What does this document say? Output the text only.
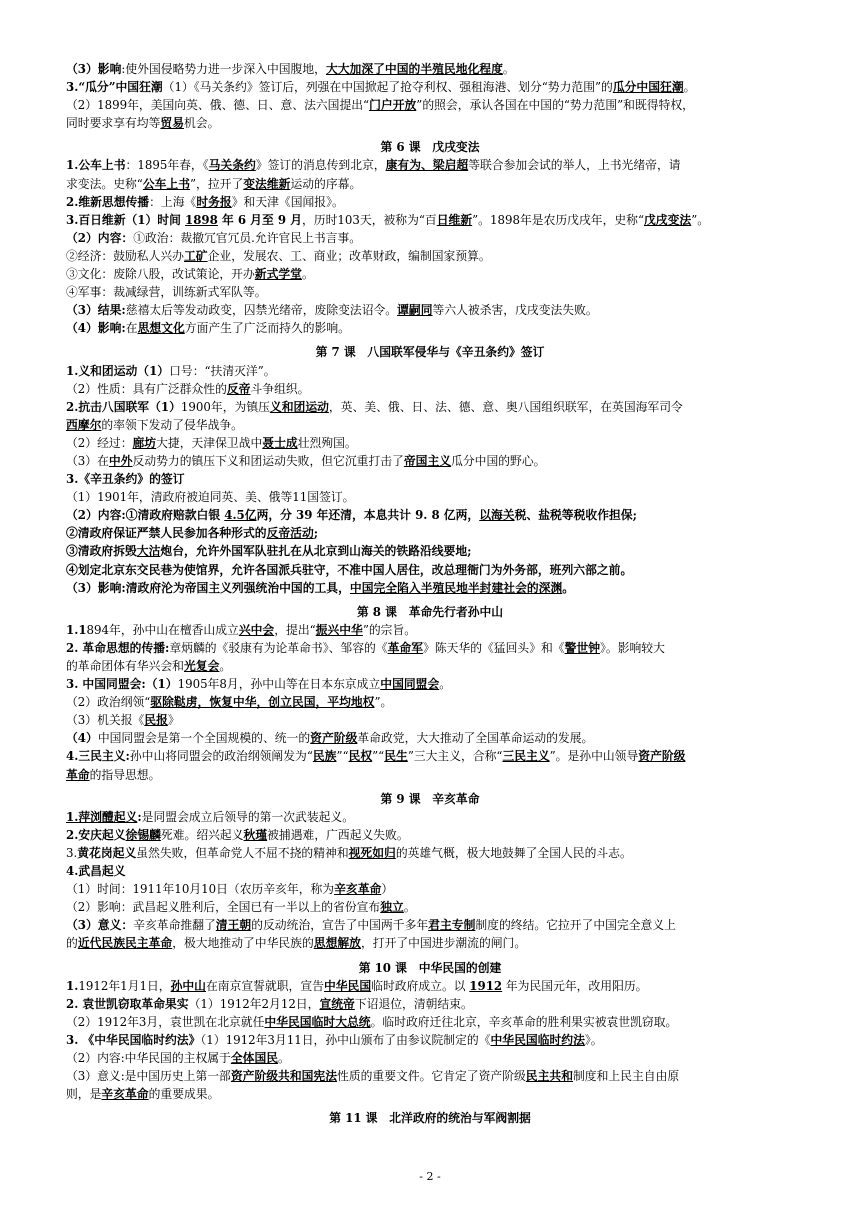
（3）影响:使外国侵略势力进一步深入中国腹地，大大加深了中国的半殖民地化程度。
3.“瓜分”中国狂潮（1）《马关条约》签订后，列强在中国掀起了抢夺利权、强租海港、划分“势力范围”的瓜分中国狂潮。
（2）1899年，美国向英、俄、德、日、意、法六国提出“门户开放”的照会，承认各国在中国的“势力范围”和既得特权，
同时要求享有均等贸易机会。
第 6 课　戊戌变法
1.公车上书：1895年春，《马关条约》签订的消息传到北京，康有为、梁启超等联合参加会试的举人，上书光绪帝，请
求变法。史称“公车上书”，拉开了变法维新运动的序幕。
2.维新思想传播：上海《时务报》和天津《国闻报》。
3.百日维新（1）时间 1898 年 6 月至 9 月，历时103天，被称为“百日维新”。1898年是农历戊戌年，史称“戊戌变法”。
（2）内容：①政治：裁撤冗官冗员.允许官民上书言事。
②经济：鼓励私人兴办工矿企业，发展农、工、商业；改革财政，编制国家预算。
③文化：废除八股，改试策论，开办新式学堂。
④军事：裁减绿营，训练新式军队等。
（3）结果:慈禧太后等发动政变，囚禁光绪帝，废除变法诏令。谭嗣同等六人被杀害，戊戌变法失败。
（4）影响:在思想文化方面产生了广泛而持久的影响。
第 7 课　八国联军侵华与《辛丑条约》签订
1.义和团运动（1）口号：“扶清灭洋”。
（2）性质：具有广泛群众性的反帝斗争组织。
2.抗击八国联军（1）1900年，为镇压义和团运动，英、美、俄、日、法、德、意、奥八国组织联军，在英国海军司令
西摩尔的率领下发动了侵华战争。
（2）经过：廊坊大捷，天津保卫战中聂士成壮烈殉国。
（3）在中外反动势力的镇压下义和团运动失败，但它沉重打击了帝国主义瓜分中国的野心。
3.《辛丑条约》的签订
（1）1901年，清政府被迫同英、美、俄等11国签订。
（2）内容:①清政府赔款白银 4.5亿两，分 39 年还清，本息共计 9. 8 亿两，以海关税、盐税等税收作担保;
②清政府保证严禁人民参加各种形式的反帝活动;
③清政府拆毁大沽炮台，允许外国军队驻扎在从北京到山海关的铁路沿线要地;
④划定北京东交民巷为使馆界，允许各国派兵驻守，不准中国人居住，改总理衙门为外务部，班列六部之前。
（3）影响:清政府沦为帝国主义列强统治中国的工具，中国完全陷入半殖民地半封建社会的深渊。
第 8 课　革命先行者孙中山
1.1894年，孙中山在檀香山成立兴中会，提出“振兴中华”的宗旨。
2. 革命思想的传播:章炳麟的《驳康有为论革命书》、邹容的《革命军》陈天华的《猛回头》和《警世钟》。影响较大
的革命团体有华兴会和光复会。
3. 中国同盟会:（1）1905年8月，孙中山等在日本东京成立中国同盟会。
（2）政治纲领“驱除鞑虏，恢复中华，创立民国，平均地权”。
（3）机关报《民报》
（4）中国同盟会是第一个全国规模的、统一的资产阶级革命政党，大大推动了全国革命运动的发展。
4.三民主义:孙中山将同盟会的政治纲领阐发为“民族”“民权”“民生”三大主义，合称“三民主义”。是孙中山领导资产阶级
革命的指导思想。
第 9 课　辛亥革命
1.萍浏醴起义:是同盟会成立后领导的第一次武装起义。
2.安庆起义徐锡麟死难。绍兴起义秋瑾被捕遇难，广西起义失败。
3.黄花岗起义虽然失败，但革命党人不屈不挠的精神和视死如归的英雄气概，极大地鼓舞了全国人民的斗志。
4.武昌起义
（1）时间：1911年10月10日（农历辛亥年，称为辛亥革命）
（2）影响：武昌起义胜利后，全国已有一半以上的省份宣布独立。
（3）意义：辛亥革命推翻了清王朝的反动统治，宣告了中国两千多年君主专制制度的终结。它拉开了中国完全意义上
的近代民族民主革命，极大地推动了中华民族的思想解放，打开了中国进步潮流的闸门。
第 10 课　中华民国的创建
1.1912年1月1日，孙中山在南京宣誓就职，宣告中华民国临时政府成立。以 1912 年为民国元年，改用阳历。
2. 袁世凯窃取革命果实（1）1912年2月12日，宣统帝下诏退位，清朝结束。
（2）1912年3月，袁世凯在北京就任中华民国临时大总统。临时政府迁往北京，辛亥革命的胜利果实被袁世凯窃取。
3. 《中华民国临时约法》（1）1912年3月11日，孙中山颁布了由参议院制定的《中华民国临时约法》。
（2）内容:中华民国的主权属于全体国民。
（3）意义:是中国历史上第一部资产阶级共和国宪法性质的重要文件。它肯定了资产阶级民主共和制度和上民主自由原
则，是辛亥革命的重要成果。
第 11 课　北洋政府的统治与军阀割据
- 2 -
